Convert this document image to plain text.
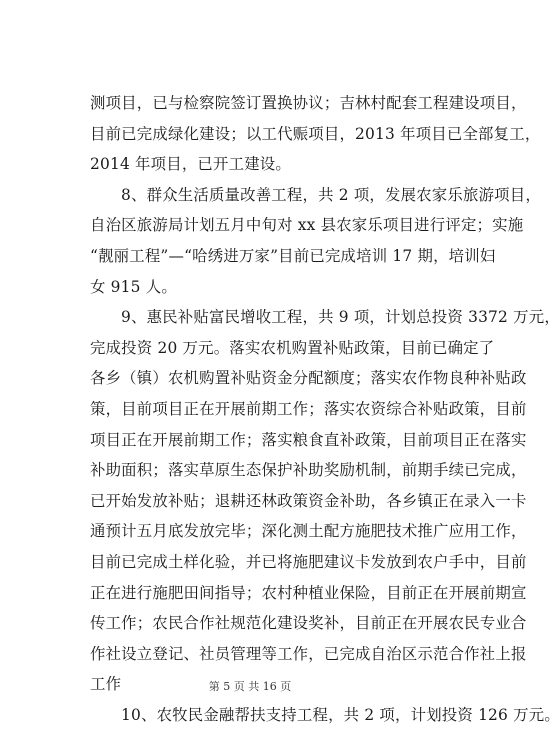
测项目，已与检察院签订置换协议；吉林村配套工程建设项目，
目前已完成绿化建设；以工代赈项目，2013 年项目已全部复工，
2014 年项目，已开工建设。
8、群众生活质量改善工程，共 2 项，发展农家乐旅游项目，
自治区旅游局计划五月中旬对 xx 县农家乐项目进行评定；实施
“靓丽工程”—“哈绣进万家”目前已完成培训 17 期，培训妇
女 915 人。
9、惠民补贴富民增收工程，共 9 项，计划总投资 3372 万元，
完成投资 20 万元。落实农机购置补贴政策，目前已确定了
各乡（镇）农机购置补贴资金分配额度；落实农作物良种补贴政
策，目前项目正在开展前期工作；落实农资综合补贴政策，目前
项目正在开展前期工作；落实粮食直补政策，目前项目正在落实
补助面积；落实草原生态保护补助奖励机制，前期手续已完成，
已开始发放补贴；退耕还林政策资金补助，各乡镇正在录入一卡
通预计五月底发放完毕；深化测土配方施肥技术推广应用工作，
目前已完成土样化验，并已将施肥建议卡发放到农户手中，目前
正在进行施肥田间指导；农村种植业保险，目前正在开展前期宣
传工作；农民合作社规范化建设奖补，目前正在开展农民专业合
作社设立登记、社员管理等工作，已完成自治区示范合作社上报
工作
10、农牧民金融帮扶支持工程，共 2 项，计划投资 126 万元。
第 5 页 共 16 页
